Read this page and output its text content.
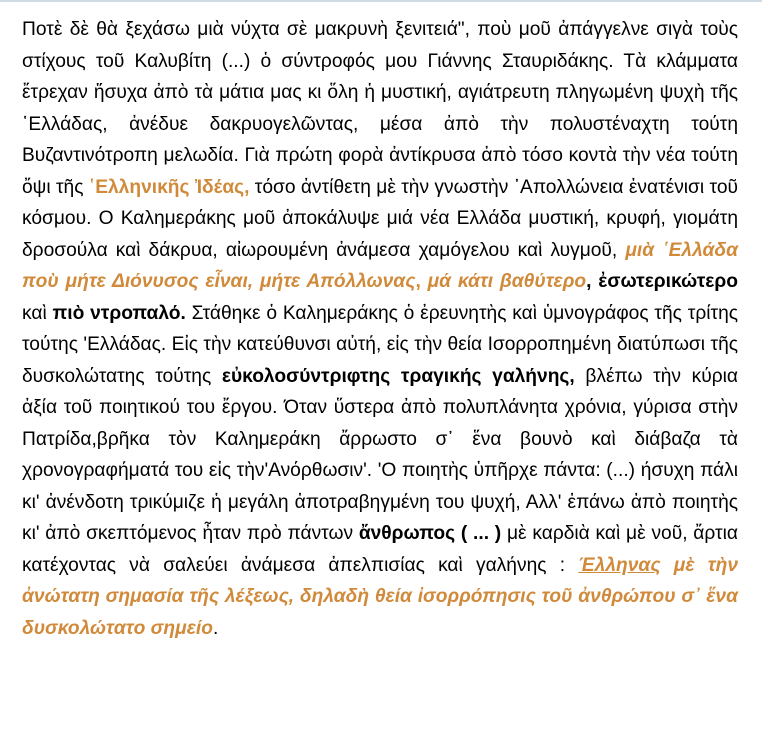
Ποτὲ δὲ θὰ ξεχάσω μιὰ νύχτα σὲ μακρυνὴ ξενιτειά", ποὺ μοῦ ἀπάγγελνε σιγὰ τοὺς στίχους τοῦ Καλυβίτη (...) ὁ σύντροφός μου Γιάννης Σταυριδάκης. Τὰ κλάμματα ἔτρεχαν ἥσυχα ἀπὸ τὰ μάτια μας κι ὅλη ἡ μυστική, αγιάτρευτη πληγωμένη ψυχὴ τῆς ῾Ελλάδας, ἀνέδυε δακρυογελῶντας, μέσα ἀπὸ τὴν πολυστέναχτη τούτη Βυζαντινότροπη μελωδία. Γιὰ πρώτη φορὰ ἀντίκρυσα ἀπὸ τόσο κοντὰ τὴν νέα τούτη ὄψι τῆς ῾Ελληνικῆς Ἰδέας, τόσο ἀντίθετη μὲ τὴν γνωστὴν ᾿Απολλώνεια ἐνατένισι τοῦ κόσμου. Ο Καλημεράκης μοῦ ἀποκάλυψε μιά νέα Ελλάδα μυστική, κρυφή, γιομάτη δροσούλα καὶ δάκρυα, αἰωρουμένη ἀνάμεσα χαμόγελου καὶ λυγμοῦ, μιὰ ῾Ελλάδα ποὺ μήτε Διόνυσος εἶναι, μήτε Απόλλωνας, μά κάτι βαθύτερο, ἐσωτερικώτερο καὶ πιὸ ντροπαλό. Στάθηκε ὁ Καλημεράκης ὁ ἐρευνητὴς καὶ ὑμνογράφος τῆς τρίτης τούτης 'Ελλάδας. Εἰς τὴν κατεύθυνσι αὐτή, εἰς τὴν θεία Ισορροπημένη διατύπωσι τῆς δυσκολώτατης τούτης εὐκολοσύντριφτης τραγικής γαλήνης, βλέπω τὴν κύρια ἀξία τοῦ ποιητικού του ἔργου. Όταν ὕστερα ἀπὸ πολυπλάνητα χρόνια, γύρισα στὴν Πατρίδα,βρῆκα τὸν Καλημεράκη ἄρρωστο σ᾿ ἕνα βουνὸ καὶ διάβαζα τὰ χρονογραφήματά του εἰς τὴν'Ανόρθωσιν'. 'Ο ποιητὴς ὑπῆρχε πάντα: (...) ήσυχη πάλι κι' ἀνένδοτη τρικύμιζε ἡ μεγάλη ἀποτραβηγμένη του ψυχή, Αλλ' ἐπάνω ἀπὸ ποιητὴς κι' ἀπὸ σκεπτόμενος ἦταν πρὸ πάντων ἄνθρωπος ( ... ) μὲ καρδιὰ καὶ μὲ νοῦ, ἄρτια κατέχοντας νὰ σαλεύει ἀνάμεσα ἀπελπισίας καὶ γαλήνης : Έλληνας μὲ τὴν ἀνώτατη σημασία τῆς λέξεως, δηλαδὴ θεία ἰσορρόπησις τοῦ ἀνθρώπου σ᾿ ἕνα δυσκολώτατο σημείο.
